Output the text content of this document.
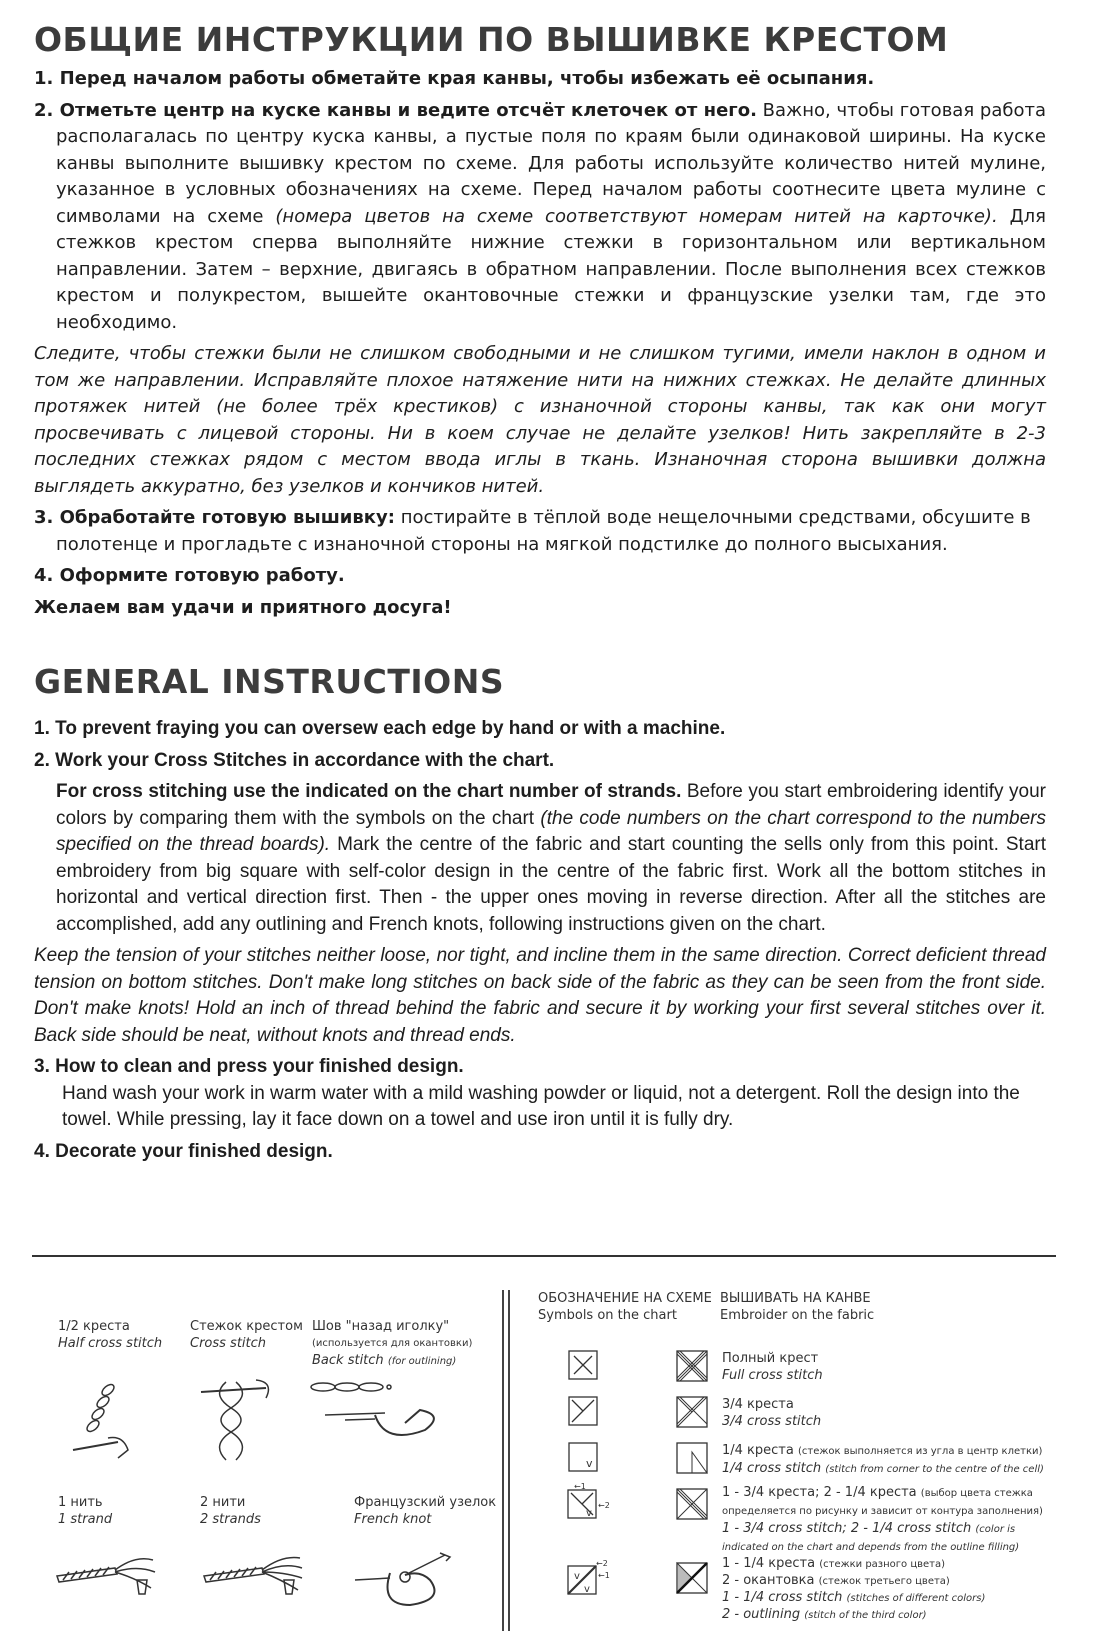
ОБЩИЕ ИНСТРУКЦИИ ПО ВЫШИВКЕ КРЕСТОМ

1. Перед началом работы обметайте края канвы, чтобы избежать её осыпания.

2. Отметьте центр на куске канвы и ведите отсчёт клеточек от него. Важно, чтобы готовая работа располагалась по центру куска канвы, а пустые поля по краям были одинаковой ширины. На куске канвы выполните вышивку крестом по схеме. Для работы используйте количество нитей мулине, указанное в условных обозначениях на схеме. Перед началом работы соотнесите цвета мулине с символами на схеме (номера цветов на схеме соответствуют номерам нитей на карточке). Для стежков крестом сперва выполняйте нижние стежки в горизонтальном или вертикальном направлении. Затем – верхние, двигаясь в обратном направлении. После выполнения всех стежков крестом и полукрестом, вышейте окантовочные стежки и французские узелки там, где это необходимо.

Следите, чтобы стежки были не слишком свободными и не слишком тугими, имели наклон в одном и том же направлении. Исправляйте плохое натяжение нити на нижних стежках. Не делайте длинных протяжек нитей (не более трёх крестиков) с изнаночной стороны канвы, так как они могут просвечивать с лицевой стороны. Ни в коем случае не делайте узелков! Нить закрепляйте в 2-3 последних стежках рядом с местом ввода иглы в ткань. Изнаночная сторона вышивки должна выглядеть аккуратно, без узелков и кончиков нитей.

3. Обработайте готовую вышивку: постирайте в тёплой воде нещелочными средствами, обсушите в полотенце и прогладьте с изнаночной стороны на мягкой подстилке до полного высыхания.

4. Оформите готовую работу.

Желаем вам удачи и приятного досуга!

GENERAL INSTRUCTIONS

1. To prevent fraying you can oversew each edge by hand or with a machine.

2. Work your Cross Stitches in accordance with the chart.

For cross stitching use the indicated on the chart number of strands. Before you start embroidering identify your colors by comparing them with the symbols on the chart (the code numbers on the chart correspond to the numbers specified on the thread boards). Mark the centre of the fabric and start counting the sells only from this point. Start embroidery from big square with self-color design in the centre of the fabric first. Work all the bottom stitches in horizontal and vertical direction first. Then - the upper ones moving in reverse direction. After all the stitches are accomplished, add any outlining and French knots, following instructions given on the chart.

Keep the tension of your stitches neither loose, nor tight, and incline them in the same direction. Correct deficient thread tension on bottom stitches. Don't make long stitches on back side of the fabric as they can be seen from the front side. Don't make knots! Hold an inch of thread behind the fabric and secure it by working your first several stitches over it. Back side should be neat, without knots and thread ends.

3. How to clean and press your finished design.

Hand wash your work in warm water with a mild washing powder or liquid, not a detergent. Roll the design into the towel. While pressing, lay it face down on a towel and use iron until it is fully dry.

4. Decorate your finished design.

1/2 креста
Half cross stitch
Стежок крестом
Cross stitch
Шов "назад иголку"
(используется для окантовки)
Back stitch (for outlining)
1 нить
1 strand
2 нити
2 strands
Французский узелок
French knot
ОБОЗНАЧЕНИЕ НА СХЕМЕ
Symbols on the chart
ВЫШИВАТЬ НА КАНВЕ
Embroider on the fabric
Полный крест
Full cross stitch
3/4 креста
3/4 cross stitch
v
1/4 креста (стежок выполняется из угла в центр клетки)
1/4 cross stitch (stitch from corner to the centre of the cell)
v
←1
←2
1 - 3/4 креста; 2 - 1/4 креста (выбор цвета стежка определяется по рисунку и зависит от контура заполнения)
1 - 3/4 cross stitch; 2 - 1/4 cross stitch (color is indicated on the chart and depends from the outline filling)
v
v
←2
←1
1 - 1/4 креста (стежки разного цвета)
2 - окантовка (стежок третьего цвета)
1 - 1/4 cross stitch (stitches of different colors)
2 - outlining (stitch of the third color)
